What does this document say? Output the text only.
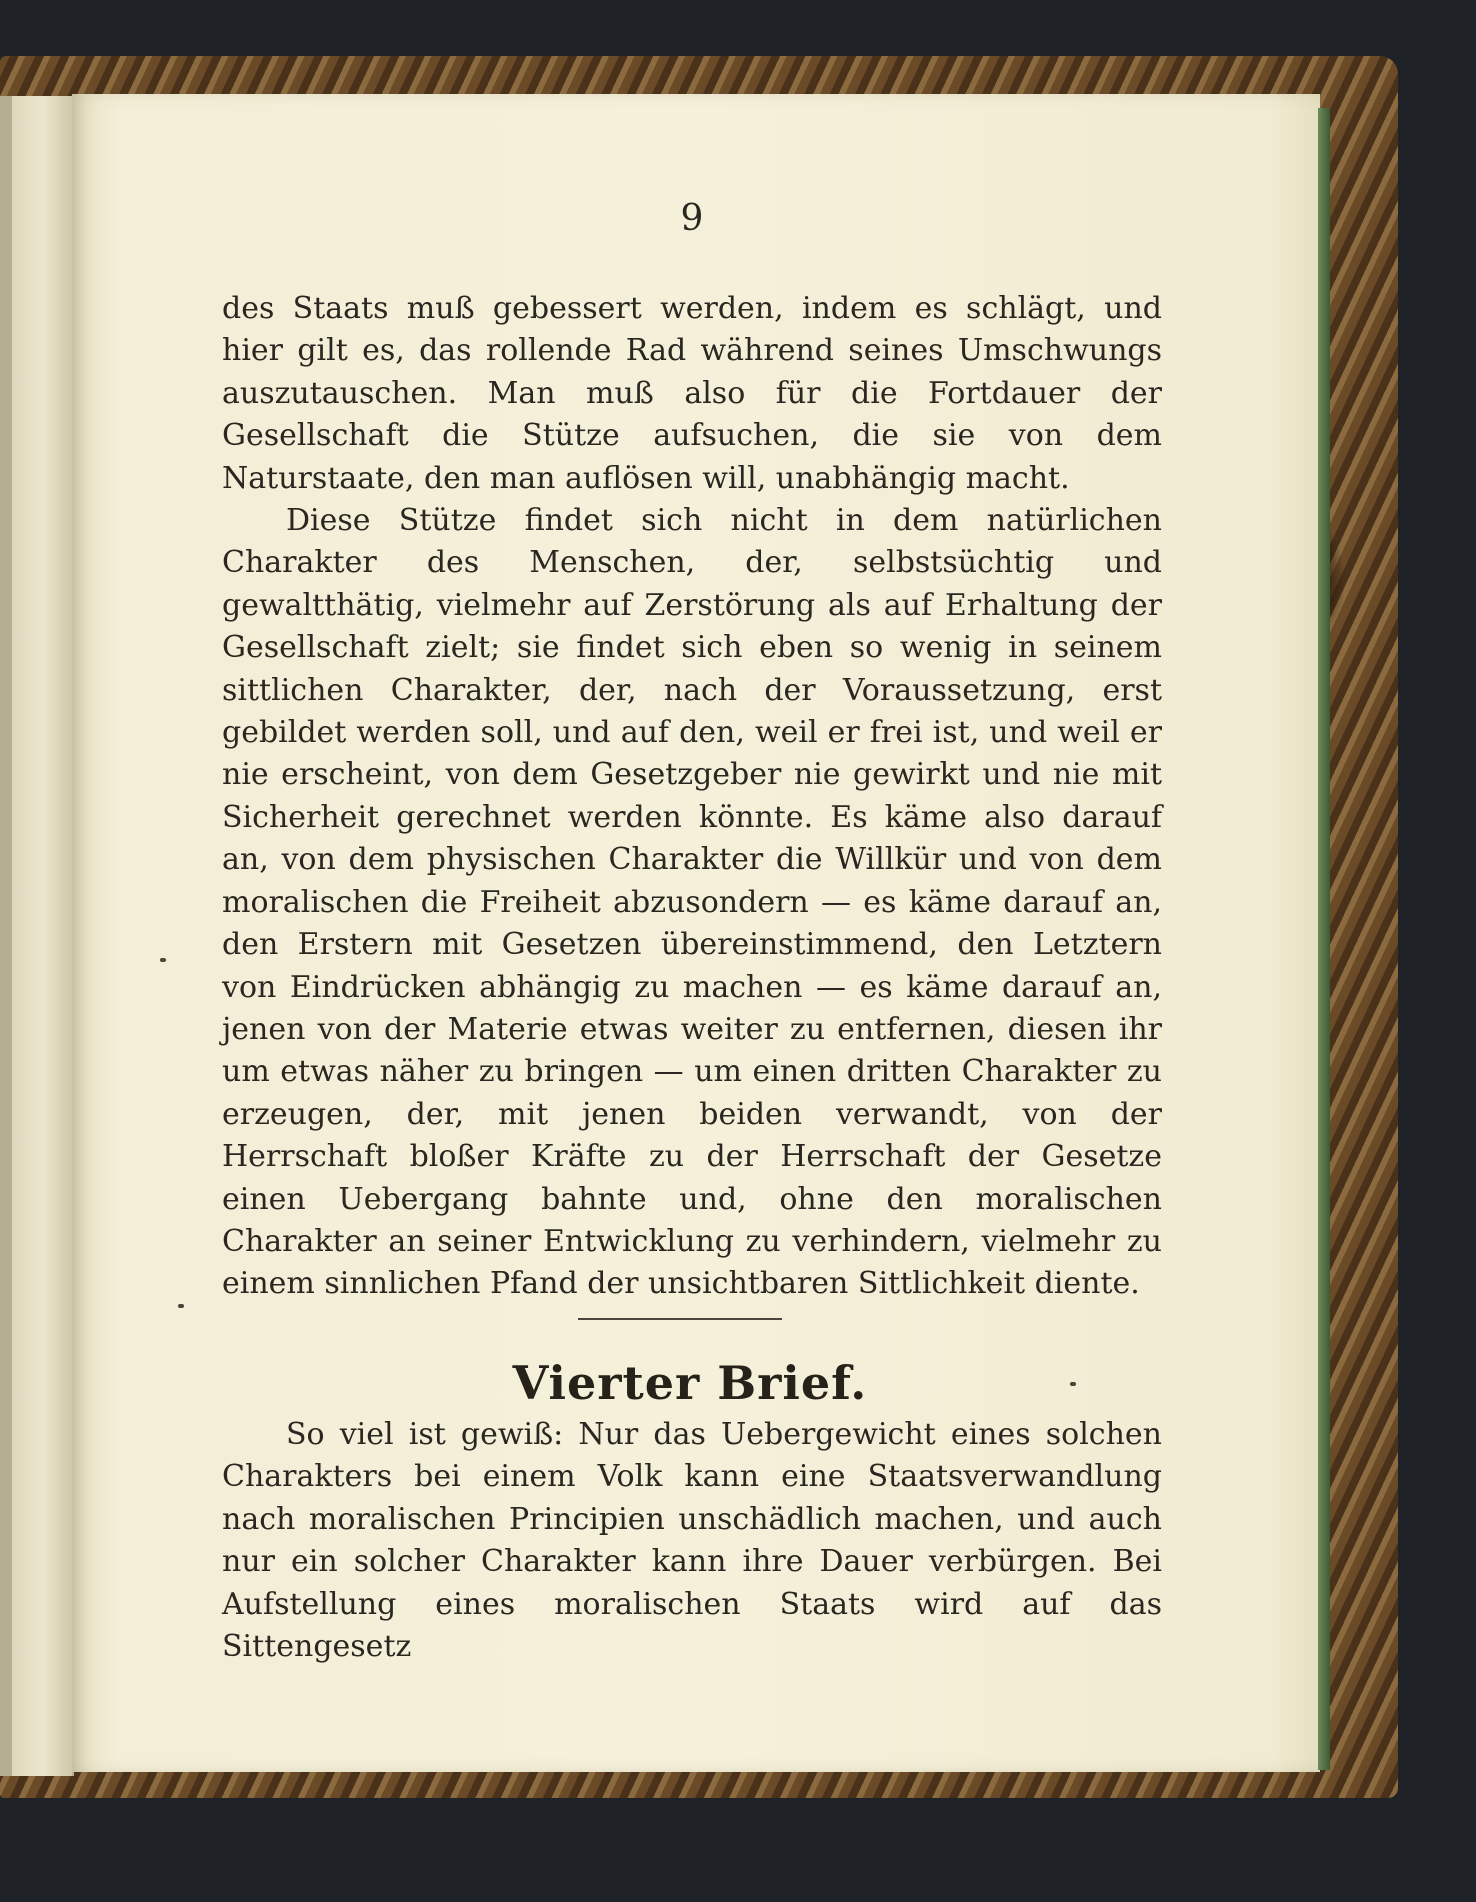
9

des Staats muß gebessert werden, indem es schlägt, und hier gilt es, das rollende Rad während seines Umschwungs auszutauschen. Man muß also für die Fortdauer der Gesellschaft die Stütze aufsuchen, die sie von dem Naturstaate, den man auflösen will, unabhängig macht.

Diese Stütze findet sich nicht in dem natürlichen Charakter des Menschen, der, selbstsüchtig und gewaltthätig, vielmehr auf Zerstörung als auf Erhaltung der Gesellschaft zielt; sie findet sich eben so wenig in seinem sittlichen Charakter, der, nach der Voraussetzung, erst gebildet werden soll, und auf den, weil er frei ist, und weil er nie erscheint, von dem Gesetzgeber nie gewirkt und nie mit Sicherheit gerechnet werden könnte. Es käme also darauf an, von dem physischen Charakter die Willkür und von dem moralischen die Freiheit abzusondern — es käme darauf an, den Erstern mit Gesetzen übereinstimmend, den Letztern von Eindrücken abhängig zu machen — es käme darauf an, jenen von der Materie etwas weiter zu entfernen, diesen ihr um etwas näher zu bringen — um einen dritten Charakter zu erzeugen, der, mit jenen beiden verwandt, von der Herrschaft bloßer Kräfte zu der Herrschaft der Gesetze einen Uebergang bahnte und, ohne den moralischen Charakter an seiner Entwicklung zu verhindern, vielmehr zu einem sinnlichen Pfand der unsichtbaren Sittlichkeit diente.

Vierter Brief.

So viel ist gewiß: Nur das Uebergewicht eines solchen Charakters bei einem Volk kann eine Staatsverwandlung nach moralischen Principien unschädlich machen, und auch nur ein solcher Charakter kann ihre Dauer verbürgen. Bei Aufstellung eines moralischen Staats wird auf das Sittengesetz
